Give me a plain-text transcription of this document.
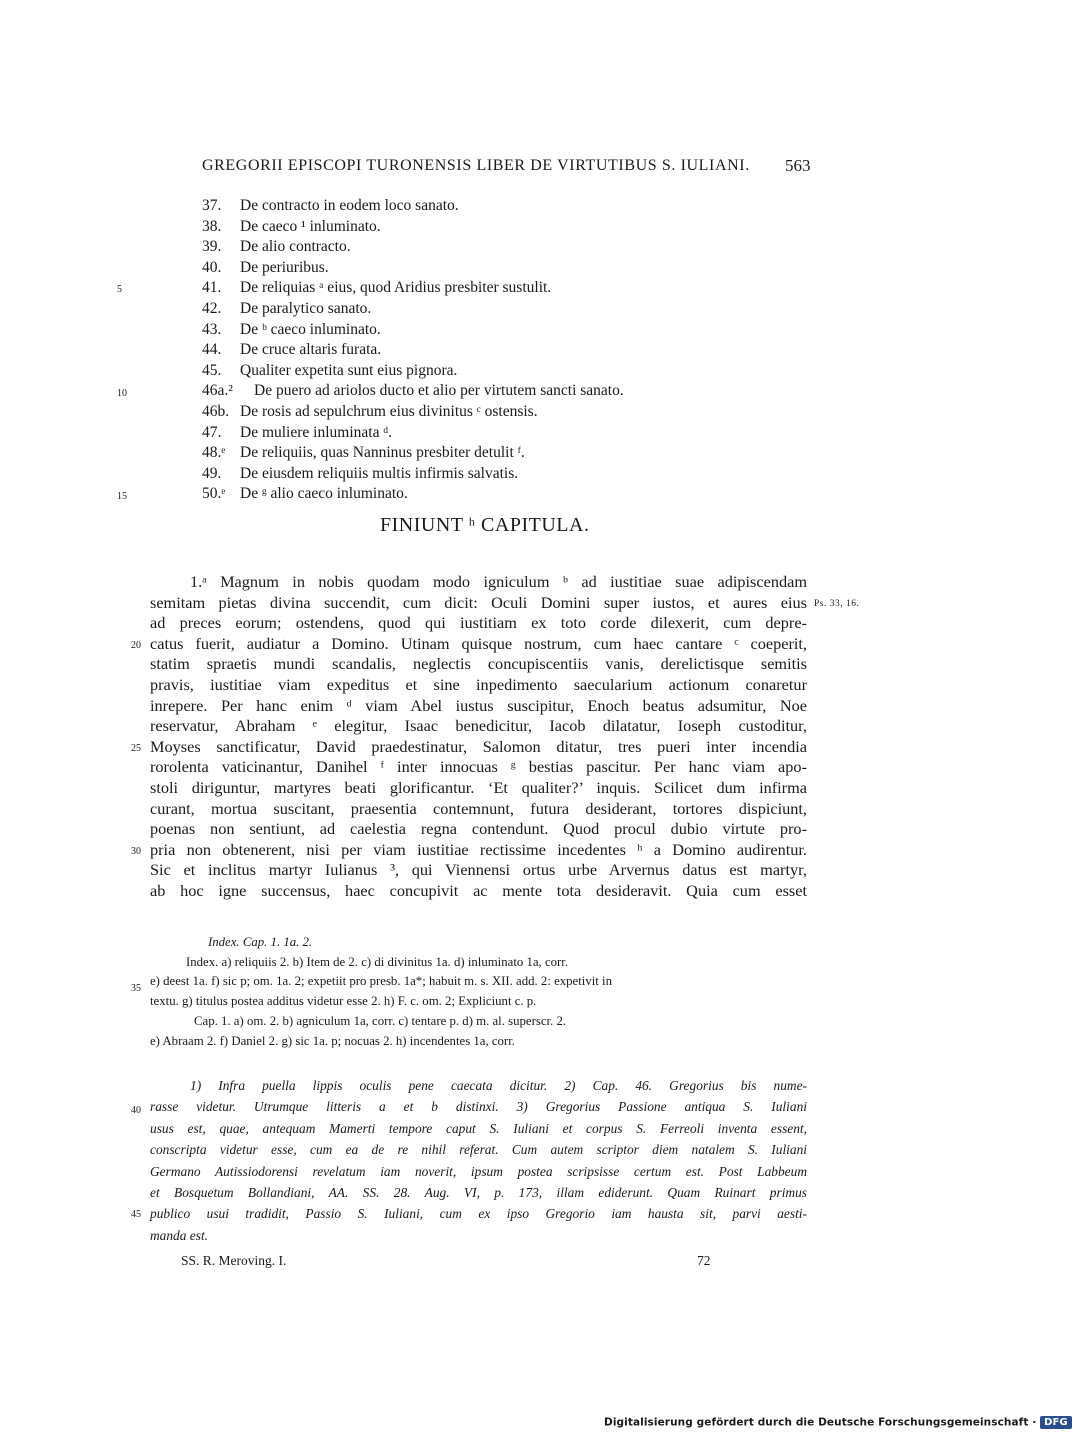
GREGORII EPISCOPI TURONENSIS LIBER DE VIRTUTIBUS S. IULIANI. 563
37. De contracto in eodem loco sanato.
38. De caeco ¹ inluminato.
39. De alio contracto.
40. De periuribus.
41. De reliquias ᵃ eius, quod Aridius presbiter sustulit.
42. De paralytico sanato.
43. De ᵇ caeco inluminato.
44. De cruce altaris furata.
45. Qualiter expetita sunt eius pignora.
46a.² De puero ad ariolos ducto et alio per virtutem sancti sanato.
46b. De rosis ad sepulchrum eius divinitus ᶜ ostensis.
47. De muliere inluminata ᵈ.
48.ᵉ De reliquiis, quas Nanninus presbiter detulit ᶠ.
49. De eiusdem reliquiis multis infirmis salvatis.
50.ᵉ De ᵍ alio caeco inluminato.
5
10
15
20
25
30
35
40
45
FINIUNT ʰ CAPITULA.
Ps. 33, 16.
1.ᵃ Magnum in nobis quodam modo igniculum ᵇ ad iustitiae suae adipiscendam
semitam pietas divina succendit, cum dicit: Oculi Domini super iustos, et aures eius
ad preces eorum; ostendens, quod qui iustitiam ex toto corde dilexerit, cum depre-
catus fuerit, audiatur a Domino. Utinam quisque nostrum, cum haec cantare ᶜ coeperit,
statim spraetis mundi scandalis, neglectis concupiscentiis vanis, derelictisque semitis
pravis, iustitiae viam expeditus et sine inpedimento saecularium actionum conaretur
inrepere. Per hanc enim ᵈ viam Abel iustus suscipitur, Enoch beatus adsumitur, Noe
reservatur, Abraham ᵉ elegitur, Isaac benedicitur, Iacob dilatatur, Ioseph custoditur,
Moyses sanctificatur, David praedestinatur, Salomon ditatur, tres pueri inter incendia
rorolenta vaticinantur, Danihel ᶠ inter innocuas ᵍ bestias pascitur. Per hanc viam apo-
stoli diriguntur, martyres beati glorificantur. ‘Et qualiter?’ inquis. Scilicet dum infirma
curant, mortua suscitant, praesentia contemnunt, futura desiderant, tortores dispiciunt,
poenas non sentiunt, ad caelestia regna contendunt. Quod procul dubio virtute pro-
pria non obtenerent, nisi per viam iustitiae rectissime incedentes ʰ a Domino audirentur.
Sic et inclitus martyr Iulianus ³, qui Viennensi ortus urbe Arvernus datus est martyr,
ab hoc igne succensus, haec concupivit ac mente tota desideravit. Quia cum esset
Index. Cap. 1. 1a. 2.
Index. a) reliquiis 2. b) Item de 2. c) di divinitus 1a. d) inluminato 1a, corr.
e) deest 1a. f) sic p; om. 1a. 2; expetiit pro presb. 1a*; habuit m. s. XII. add. 2: expetivit in
textu. g) titulus postea additus videtur esse 2. h) F. c. om. 2; Expliciunt c. p.
Cap. 1. a) om. 2. b) agniculum 1a, corr. c) tentare p. d) m. al. superscr. 2.
e) Abraam 2. f) Daniel 2. g) sic 1a. p; nocuas 2. h) incendentes 1a, corr.
1) Infra puella lippis oculis pene caecata dicitur. 2) Cap. 46. Gregorius bis nume-
rasse videtur. Utrumque litteris a et b distinxi. 3) Gregorius Passione antiqua S. Iuliani
usus est, quae, antequam Mamerti tempore caput S. Iuliani et corpus S. Ferreoli inventa essent,
conscripta videtur esse, cum ea de re nihil referat. Cum autem scriptor diem natalem S. Iuliani
Germano Autissiodorensi revelatum iam noverit, ipsum postea scripsisse certum est. Post Labbeum
et Bosquetum Bollandiani, AA. SS. 28. Aug. VI, p. 173, illam ediderunt. Quam Ruinart primus
publico usui tradidit, Passio S. Iuliani, cum ex ipso Gregorio iam hausta sit, parvi aesti-
manda est.
SS. R. Meroving. I.	72
Digitalisierung gefördert durch die Deutsche Forschungsgemeinschaft · DFG
